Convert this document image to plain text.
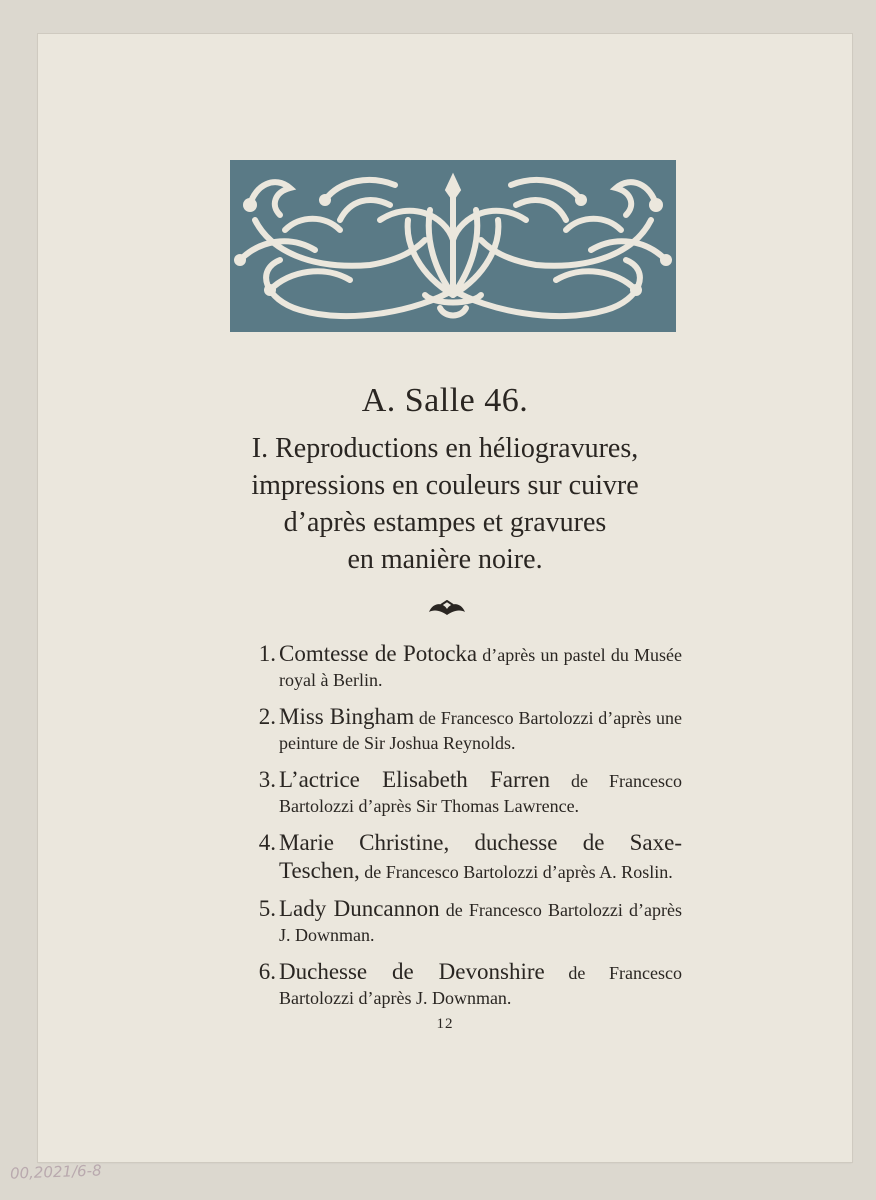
A. Salle 46.
I. Reproductions en héliogravures,
impressions en couleurs sur cuivre
d’après estampes et gravures
en manière noire.
1. Comtesse de Potocka d’après un pastel du Musée royal à Berlin.
2. Miss Bingham de Francesco Bartolozzi d’après une peinture de Sir Joshua Reynolds.
3. L’actrice Elisabeth Farren de Francesco Bartolozzi d’après Sir Thomas Lawrence.
4. Marie Christine, duchesse de Saxe-Teschen, de Francesco Bartolozzi d’après A. Roslin.
5. Lady Duncannon de Francesco Bartolozzi d’après J. Downman.
6. Duchesse de Devonshire de Francesco Bartolozzi d’après J. Downman.
12
00,2021/6-8
